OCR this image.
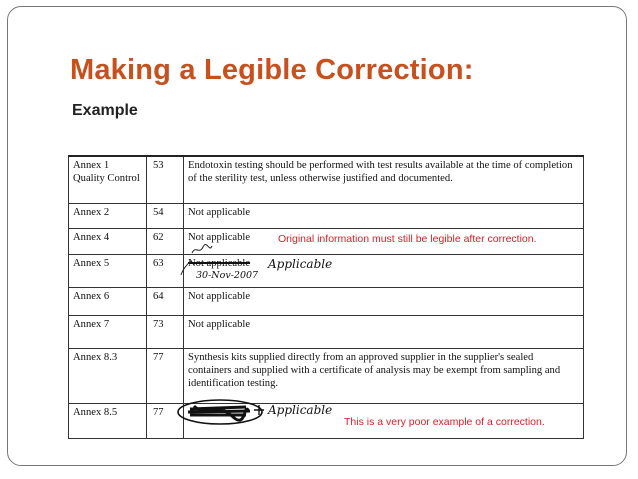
Making a Legible Correction:
Example
Annex 1 Quality Control	53	Endotoxin testing should be performed with test results available at the time of completion of the sterility test, unless otherwise justified and documented.
Annex 2	54	Not applicable
Annex 4	62	Not applicable Original information must still be legible after correction.

Annex 5	63	Not applicable Applicable
30-Nov-2007

Annex 6	64	Not applicable
Annex 7	73	Not applicable
Annex 8.3	77	Synthesis kits supplied directly from an approved supplier in the supplier's sealed containers and supplied with a certificate of analysis may be exempt from sampling and identification testing.
Annex 8.5	77	Applicable
This is a very poor example of a correction.
